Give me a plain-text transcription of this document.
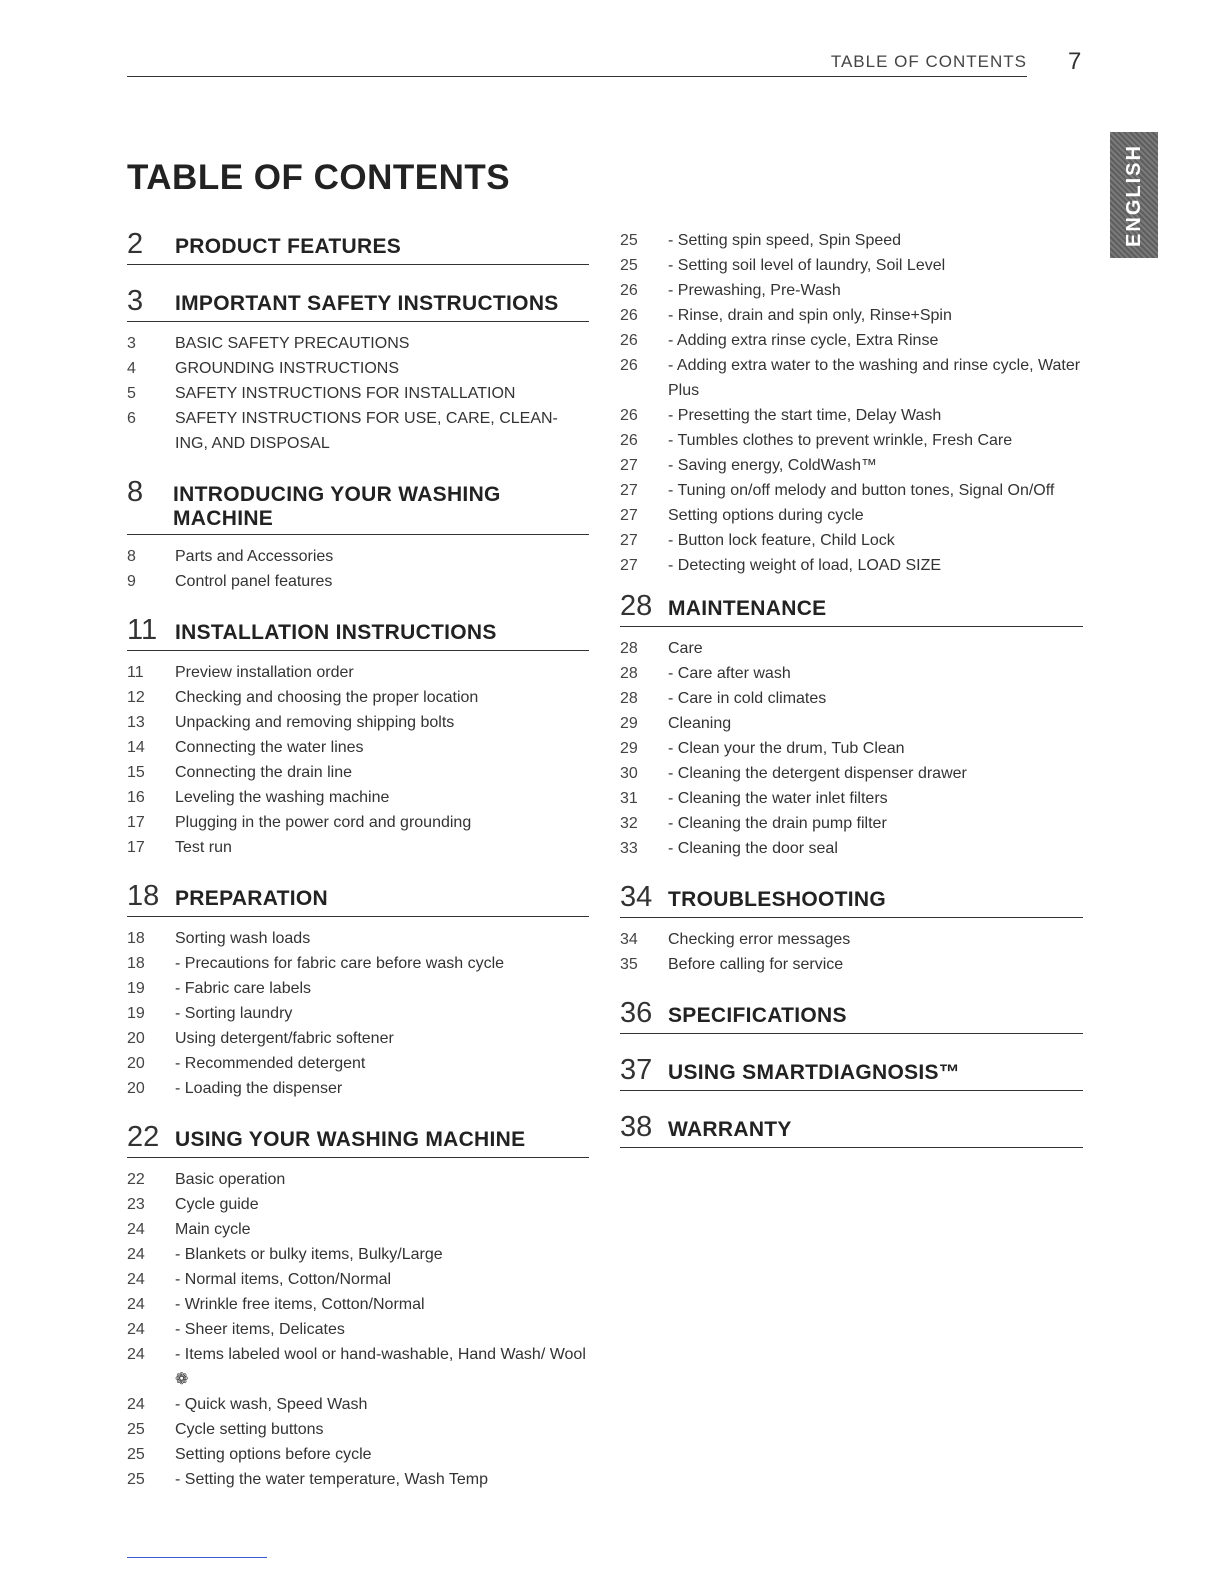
TABLE OF CONTENTS 7
ENGLISH
TABLE OF CONTENTS
2	PRODUCT FEATURES
3	IMPORTANT SAFETY INSTRUCTIONS
3	BASIC SAFETY PRECAUTIONS
4	GROUNDING INSTRUCTIONS
5	SAFETY INSTRUCTIONS FOR INSTALLATION
6	SAFETY INSTRUCTIONS FOR USE, CARE, CLEAN-ING, AND DISPOSAL
8	INTRODUCING YOUR WASHING MACHINE
8	Parts and Accessories
9	Control panel features
11 INSTALLATION INSTRUCTIONS
11	Preview installation order
12	Checking and choosing the proper location
13	Unpacking and removing shipping bolts
14	Connecting the water lines
15	Connecting the drain line
16	Leveling the washing machine
17	Plugging in the power cord and grounding
17	Test run
18 PREPARATION
18	Sorting wash loads
18	- Precautions for fabric care before wash cycle
19	- Fabric care labels
19	- Sorting laundry
20	Using detergent/fabric softener
20	- Recommended detergent
20	- Loading the dispenser
22 USING YOUR WASHING MACHINE
22	Basic operation
23	Cycle guide
24	Main cycle
24	- Blankets or bulky items, Bulky/Large
24	- Normal items, Cotton/Normal
24	- Wrinkle free items, Cotton/Normal
24	- Sheer items, Delicates
24	- Items labeled wool or hand-washable, Hand Wash/ Wool ❁
24	- Quick wash, Speed Wash
25	Cycle setting buttons
25	Setting options before cycle
25	- Setting the water temperature, Wash Temp
25	- Setting spin speed, Spin Speed
25	- Setting soil level of laundry, Soil Level
26	- Prewashing, Pre-Wash
26	- Rinse, drain and spin only, Rinse+Spin
26	- Adding extra rinse cycle, Extra Rinse
26	- Adding extra water to the washing and rinse cycle, Water Plus
26	- Presetting the start time, Delay Wash
26	- Tumbles clothes to prevent wrinkle, Fresh Care
27	- Saving energy, ColdWash™
27	- Tuning on/off melody and button tones, Signal On/Off
27	Setting options during cycle
27	- Button lock feature, Child Lock
27	- Detecting weight of load, LOAD SIZE
28 MAINTENANCE
28	Care
28	- Care after wash
28	- Care in cold climates
29	Cleaning
29	- Clean your the drum, Tub Clean
30	- Cleaning the detergent dispenser drawer
31	- Cleaning the water inlet filters
32	- Cleaning the drain pump filter
33	- Cleaning the door seal
34 TROUBLESHOOTING
34	Checking error messages
35	Before calling for service
36 SPECIFICATIONS
37 USING SMARTDIAGNOSIS™
38 WARRANTY
